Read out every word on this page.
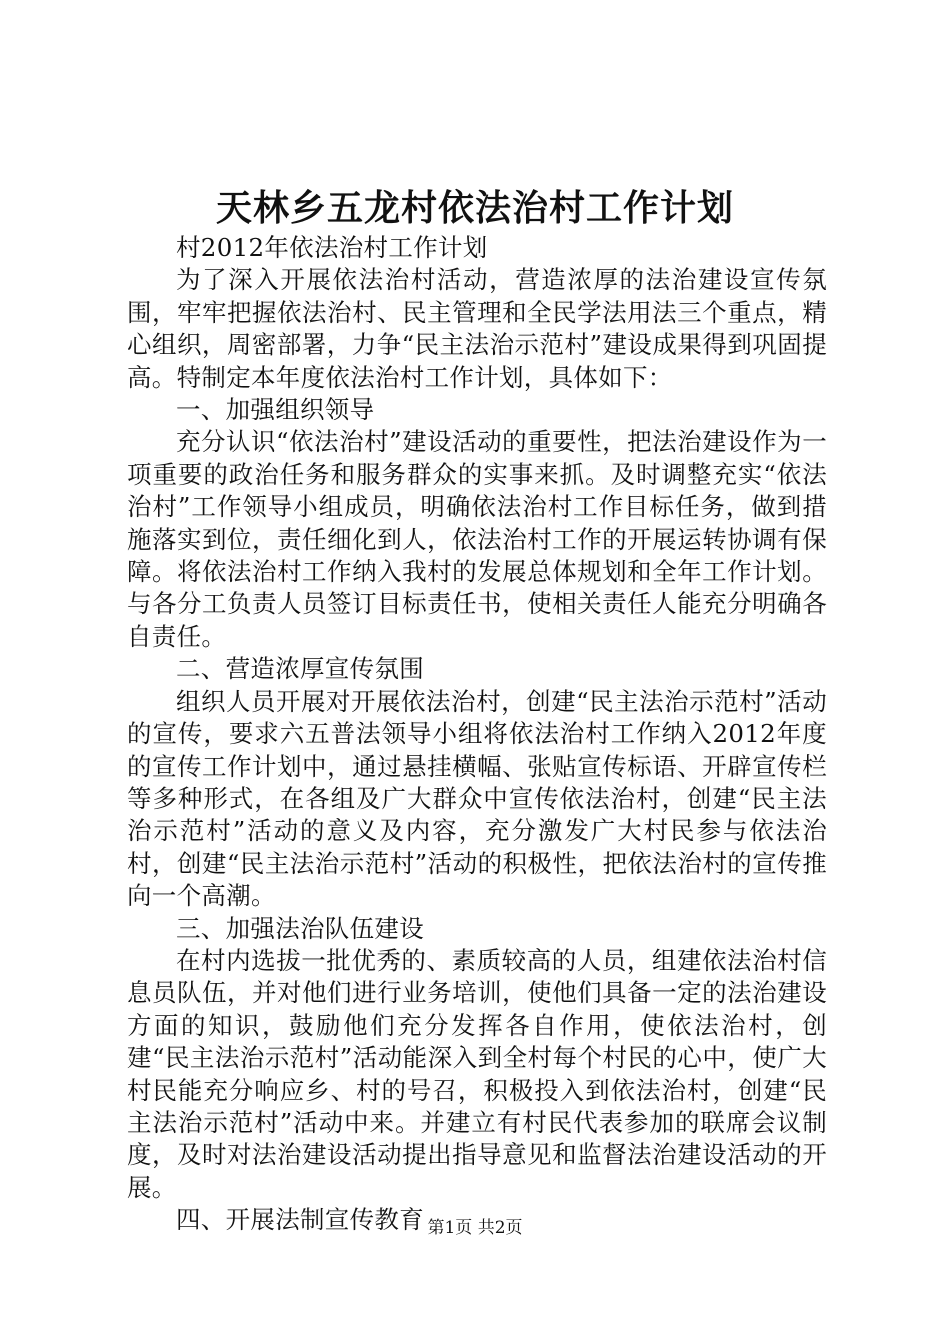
天林乡五龙村依法治村工作计划

村2012年依法治村工作计划

为了深入开展依法治村活动，营造浓厚的法治建设宣传氛围，牢牢把握依法治村、民主管理和全民学法用法三个重点，精心组织，周密部署，力争“民主法治示范村”建设成果得到巩固提高。特制定本年度依法治村工作计划，具体如下：

一、加强组织领导

充分认识“依法治村”建设活动的重要性，把法治建设作为一项重要的政治任务和服务群众的实事来抓。及时调整充实“依法治村”工作领导小组成员，明确依法治村工作目标任务，做到措施落实到位，责任细化到人，依法治村工作的开展运转协调有保障。将依法治村工作纳入我村的发展总体规划和全年工作计划。与各分工负责人员签订目标责任书，使相关责任人能充分明确各自责任。

二、营造浓厚宣传氛围

组织人员开展对开展依法治村，创建“民主法治示范村”活动的宣传，要求六五普法领导小组将依法治村工作纳入2012年度的宣传工作计划中，通过悬挂横幅、张贴宣传标语、开辟宣传栏等多种形式，在各组及广大群众中宣传依法治村，创建“民主法治示范村”活动的意义及内容，充分激发广大村民参与依法治村，创建“民主法治示范村”活动的积极性，把依法治村的宣传推向一个高潮。

三、加强法治队伍建设

在村内选拔一批优秀的、素质较高的人员，组建依法治村信息员队伍，并对他们进行业务培训，使他们具备一定的法治建设方面的知识，鼓励他们充分发挥各自作用，使依法治村，创建“民主法治示范村”活动能深入到全村每个村民的心中，使广大村民能充分响应乡、村的号召，积极投入到依法治村，创建“民主法治示范村”活动中来。并建立有村民代表参加的联席会议制度，及时对法治建设活动提出指导意见和监督法治建设活动的开展。

四、开展法制宣传教育 第1页 共2页
